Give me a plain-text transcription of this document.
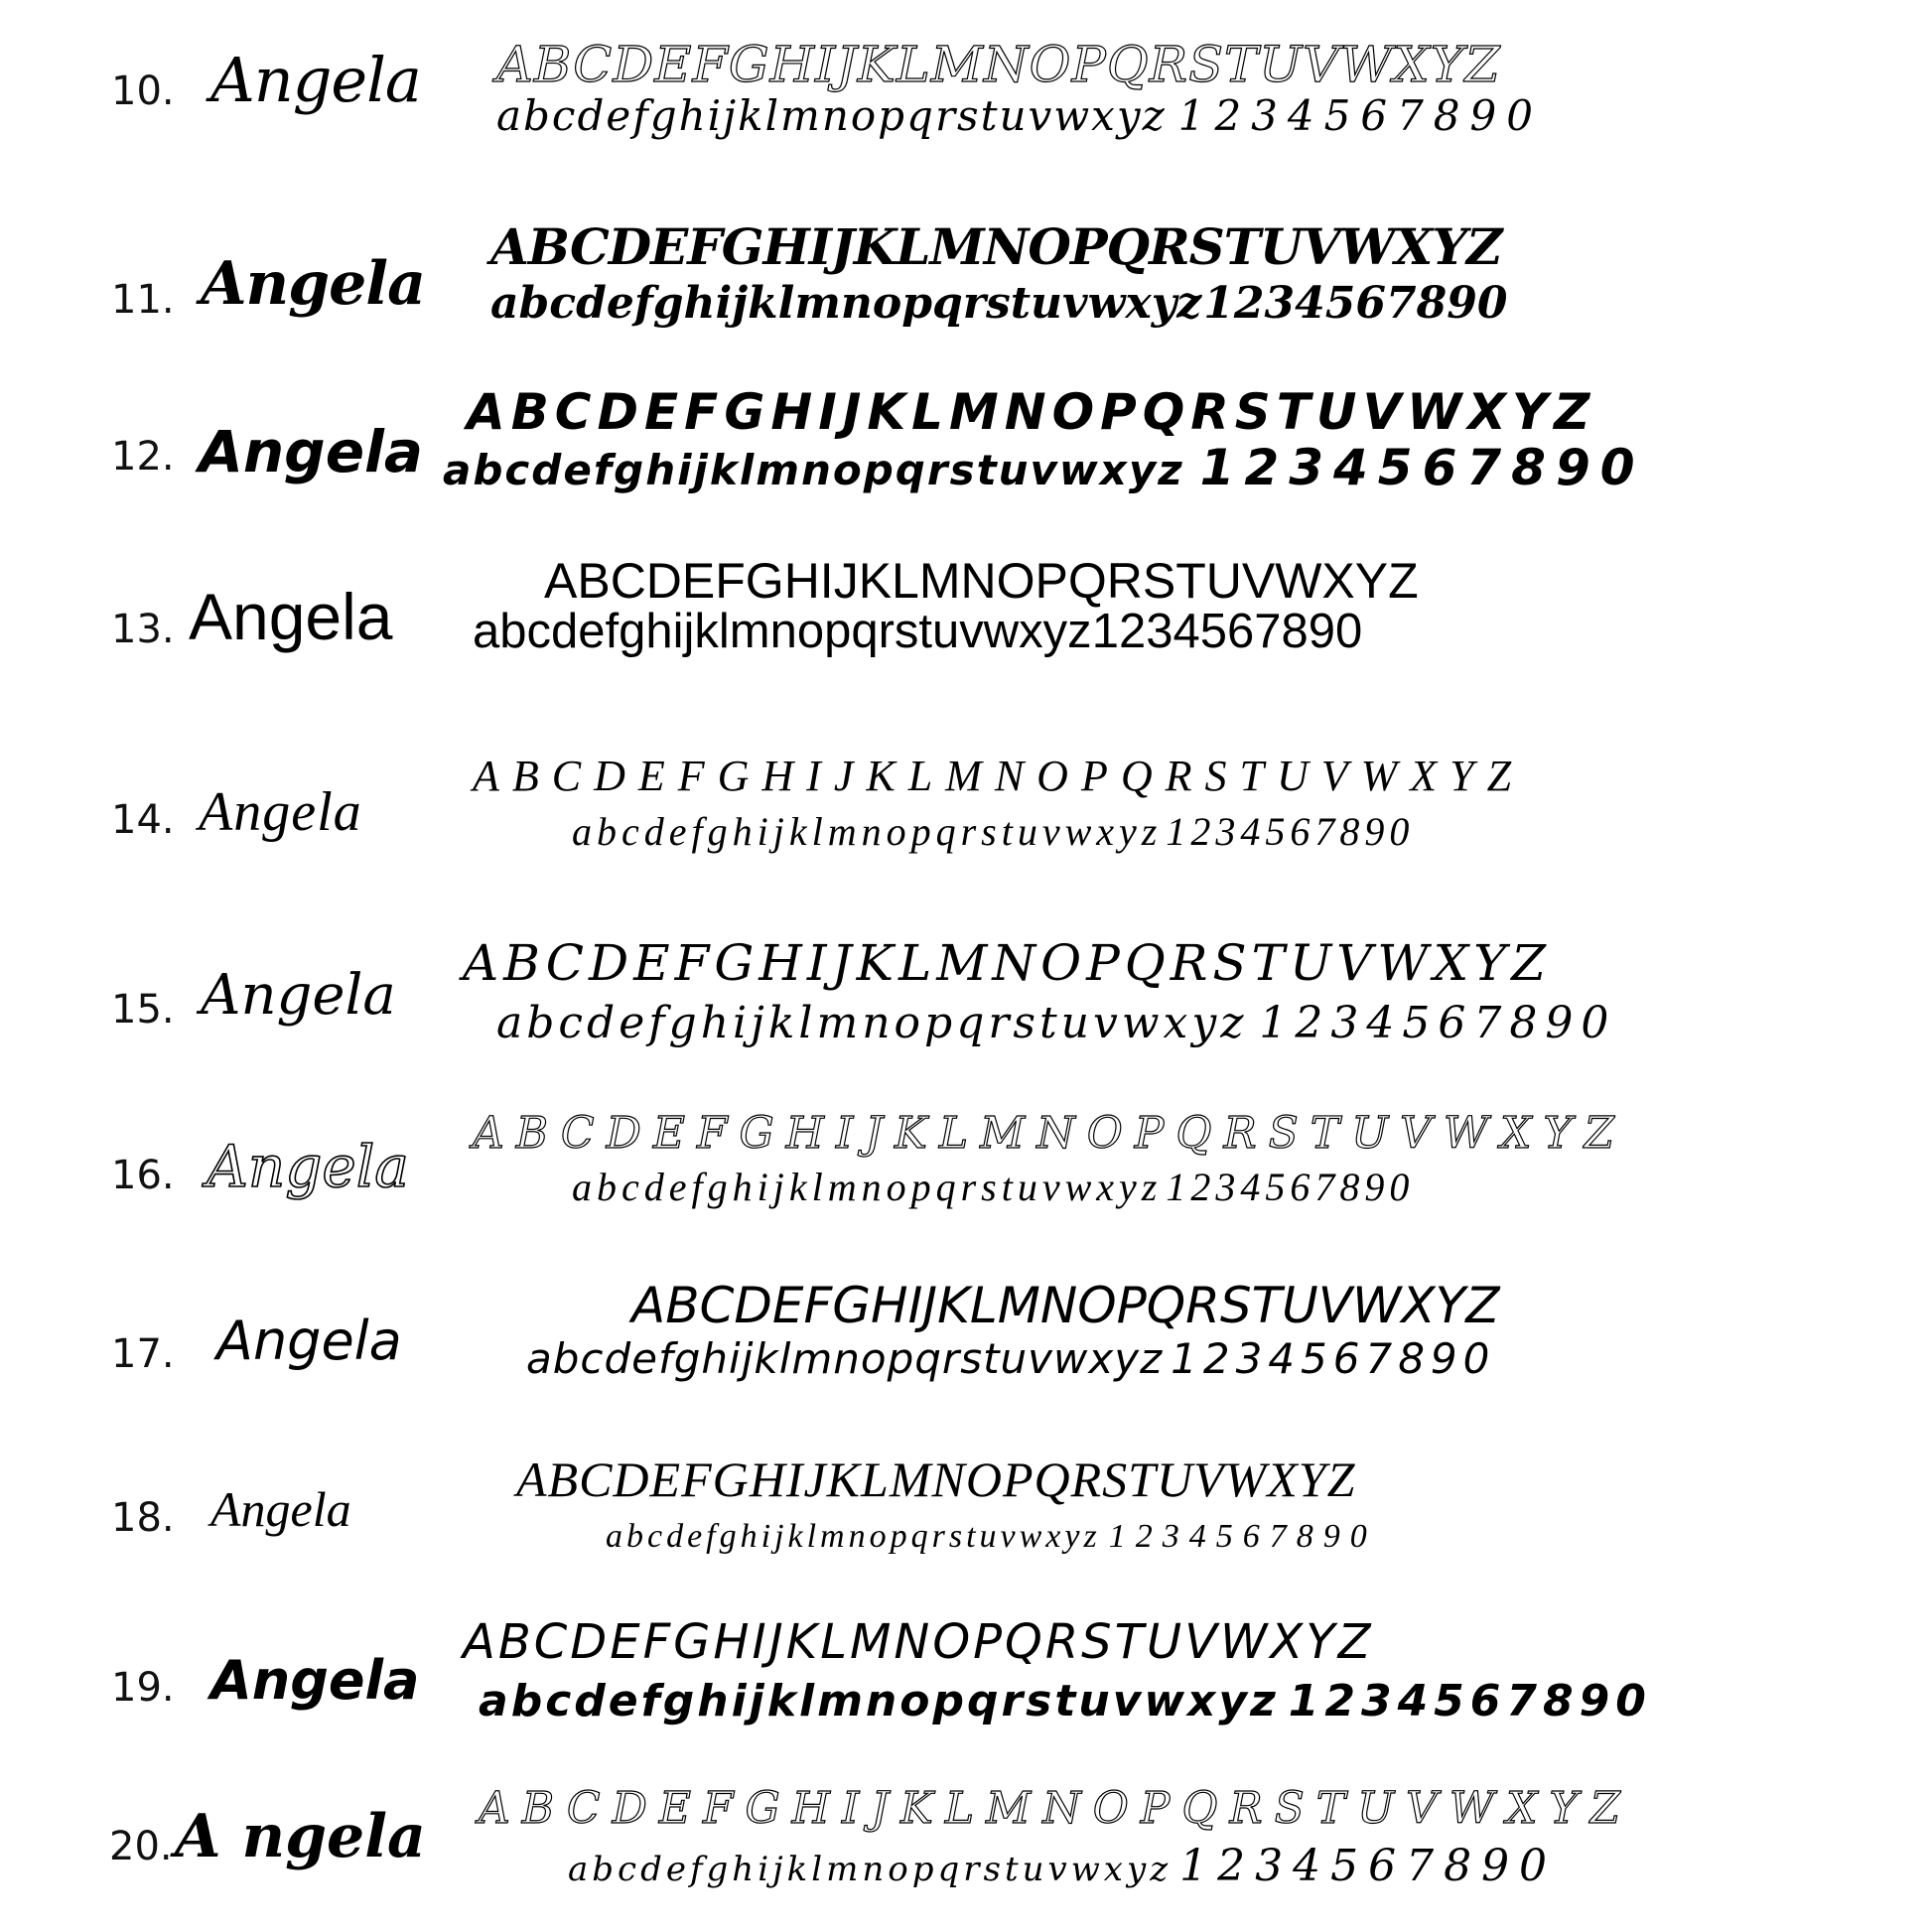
10. Angela ABCDEFGHIJKLMNOPQRSTUVWXYZ
abcdefghijklmnopqrstuvwxyz 1234567890
11. Angela
ABCDEFGHIJKLMNOPQRSTUVWXYZ
abcdefghijklmnopqrstuvwxyz1234567890
12. Angela
ABCDEFGHIJKLMNOPQRSTUVWXYZ
abcdefghijklmnopqrstuvwxyz 1234567890
13. Angela	ABCDEFGHIJKLMNOPQRSTUVWXYZ
abcdefghijklmnopqrstuvwxyz1234567890
14. Angela
ABCDEFGHIJKLMNOPQRSTUVWXYZ
abcdefghijklmnopqrstuvwxyz 1234567890
15. Angela ABCDEFGHIJKLMNOPQRSTUVWXYZ
abcdefghijklmnopqrstuvwxyz 1234567890
16. Angela ABCDEFGHIJKLMNOPQRSTUVWXYZ
abcdefghijklmnopqrstuvwxyz 1234567890
17. Angela
ABCDEFGHIJKLMNOPQRSTUVWXYZ
abcdefghijklmnopqrstuvwxyz 1234567890
18. Angela
ABCDEFGHIJKLMNOPQRSTUVWXYZ
abcdefghijklmnopqrstuvwxyz 1234567890
19. Angela
ABCDEFGHIJKLMNOPQRSTUVWXYZ
abcdefghijklmnopqrstuvwxyz 1234567890
20. A ngela ABCDEFGHIJKLMNOPQRSTUVWXYZ
abcdefghijklmnopqrstuvwxyz 1234567890
